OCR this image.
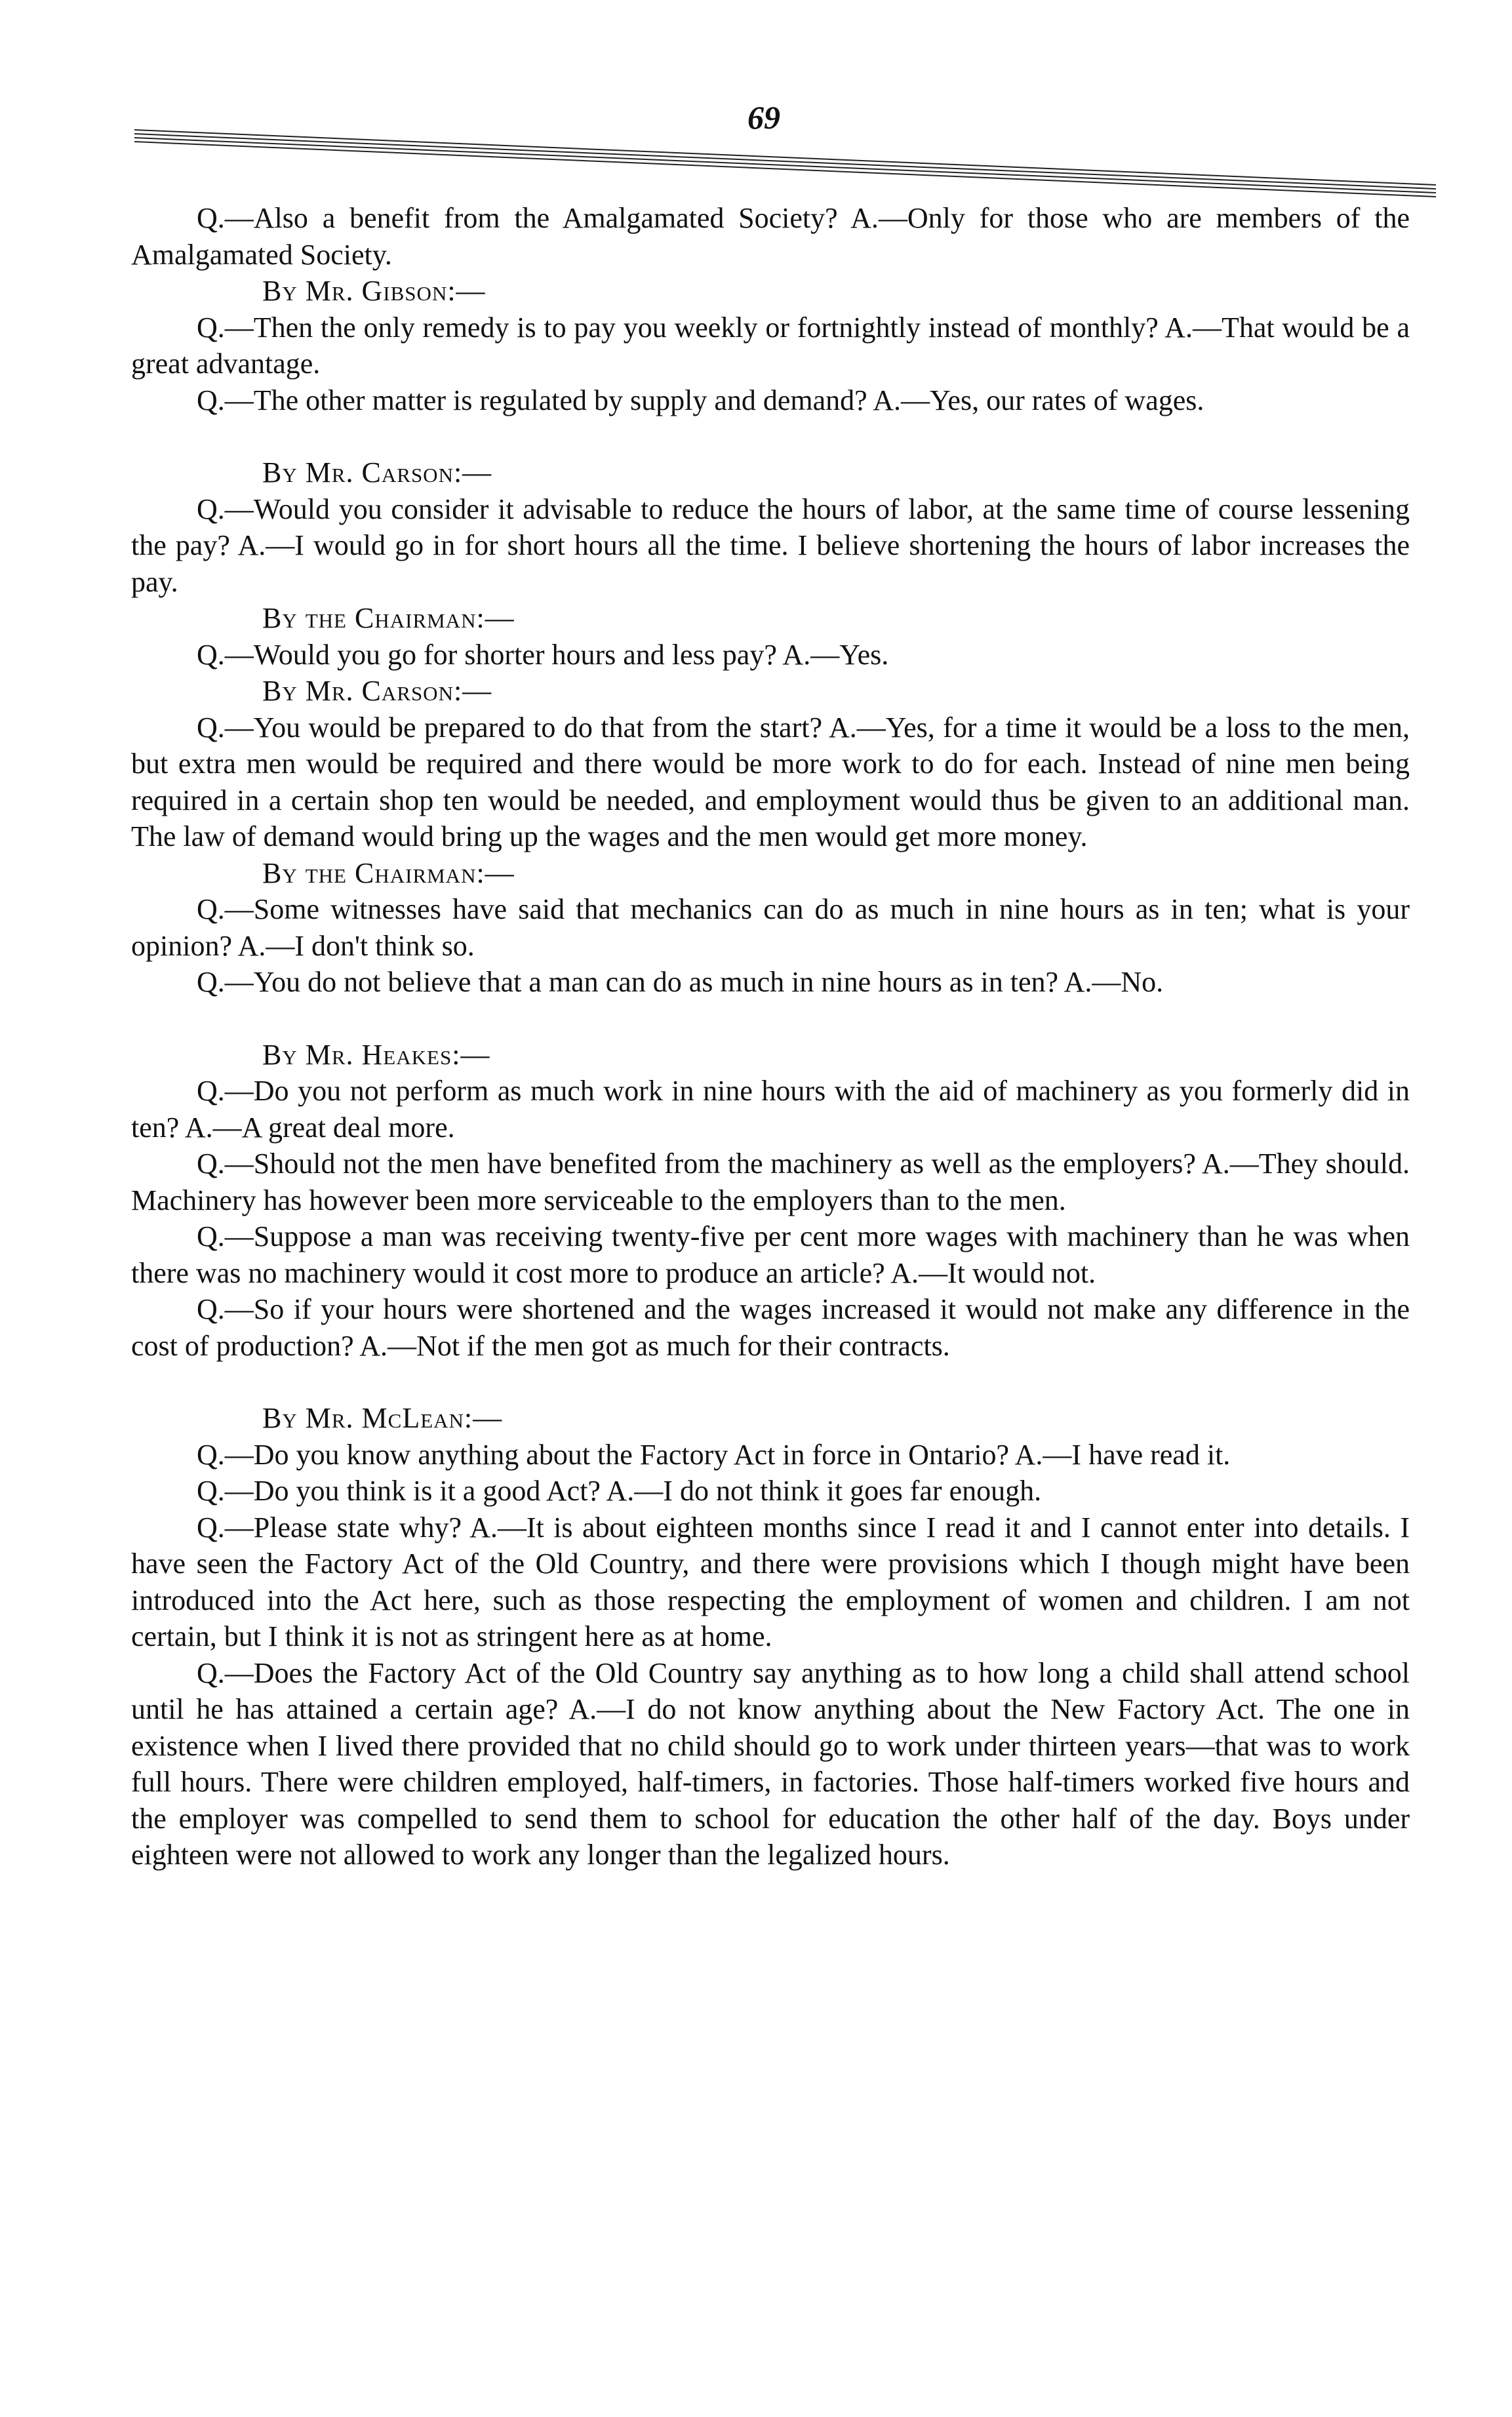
69

Q.—Also a benefit from the Amalgamated Society? A.—Only for those who are members of the Amalgamated Society.

By Mr. Gibson:—

Q.—Then the only remedy is to pay you weekly or fortnightly instead of monthly? A.—That would be a great advantage.

Q.—The other matter is regulated by supply and demand? A.—Yes, our rates of wages.

By Mr. Carson:—

Q.—Would you consider it advisable to reduce the hours of labor, at the same time of course lessening the pay? A.—I would go in for short hours all the time. I believe shortening the hours of labor increases the pay.

By the Chairman:—

Q.—Would you go for shorter hours and less pay? A.—Yes.

By Mr. Carson:—

Q.—You would be prepared to do that from the start? A.—Yes, for a time it would be a loss to the men, but extra men would be required and there would be more work to do for each. Instead of nine men being required in a certain shop ten would be needed, and employment would thus be given to an additional man. The law of demand would bring up the wages and the men would get more money.

By the Chairman:—

Q.—Some witnesses have said that mechanics can do as much in nine hours as in ten; what is your opinion? A.—I don't think so.

Q.—You do not believe that a man can do as much in nine hours as in ten? A.—No.

By Mr. Heakes:—

Q.—Do you not perform as much work in nine hours with the aid of machinery as you formerly did in ten? A.—A great deal more.

Q.—Should not the men have benefited from the machinery as well as the employers? A.—They should. Machinery has however been more serviceable to the employers than to the men.

Q.—Suppose a man was receiving twenty-five per cent more wages with machinery than he was when there was no machinery would it cost more to produce an article? A.—It would not.

Q.—So if your hours were shortened and the wages increased it would not make any difference in the cost of production? A.—Not if the men got as much for their contracts.

By Mr. McLean:—

Q.—Do you know anything about the Factory Act in force in Ontario? A.—I have read it.

Q.—Do you think is it a good Act? A.—I do not think it goes far enough.

Q.—Please state why? A.—It is about eighteen months since I read it and I cannot enter into details. I have seen the Factory Act of the Old Country, and there were provisions which I though might have been introduced into the Act here, such as those respecting the employment of women and children. I am not certain, but I think it is not as stringent here as at home.

Q.—Does the Factory Act of the Old Country say anything as to how long a child shall attend school until he has attained a certain age? A.—I do not know anything about the New Factory Act. The one in existence when I lived there provided that no child should go to work under thirteen years—that was to work full hours. There were children employed, half-timers, in factories. Those half-timers worked five hours and the employer was compelled to send them to school for education the other half of the day. Boys under eighteen were not allowed to work any longer than the legalized hours.
